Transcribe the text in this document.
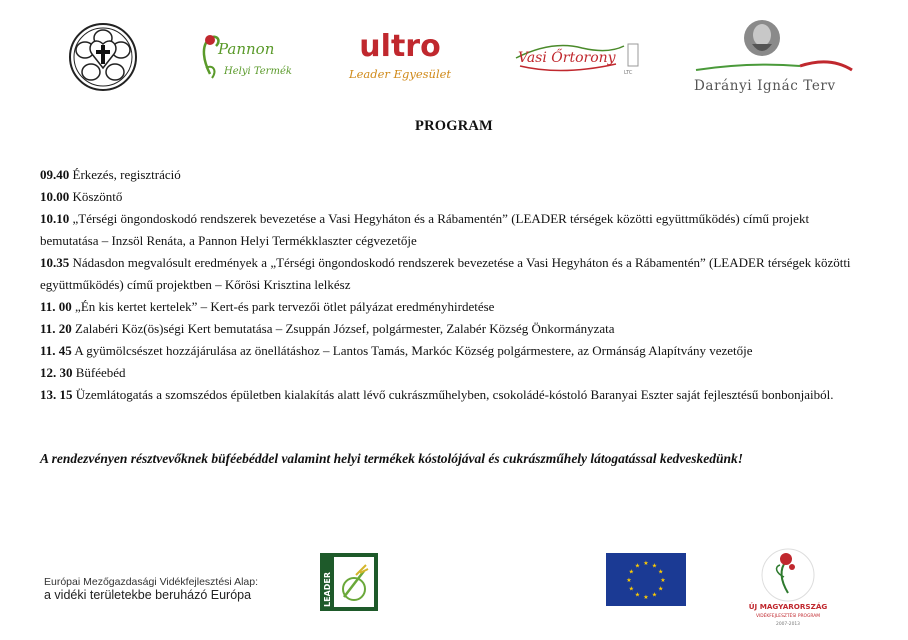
Pannon
Helyi Termék
ultro
Leader Egyesület
Vasi Őrtorony
LTC
Darányi Ignác Terv
PROGRAM

09.40 Érkezés, regisztráció

10.00 Köszöntő

10.10 „Térségi öngondoskodó rendszerek bevezetése a Vasi Hegyháton és a Rábamentén” (LEADER térségek közötti együttműködés) című projekt bemutatása – Inzsöl Renáta, a Pannon Helyi Termékklaszter cégvezetője

10.35 Nádasdon megvalósult eredmények a „Térségi öngondoskodó rendszerek bevezetése a Vasi Hegyháton és a Rábamentén” (LEADER térségek közötti együttműködés) című projektben – Kőrösi Krisztina lelkész

11. 00 „Én kis kertet kertelek” – Kert-és park tervezői ötlet pályázat eredményhirdetése

11. 20 Zalabéri Köz(ös)ségi Kert bemutatása – Zsuppán József, polgármester, Zalabér Község Önkormányzata

11. 45 A gyümölcsészet hozzájárulása az önellátáshoz – Lantos Tamás, Markóc Község polgármestere, az Ormánság Alapítvány vezetője

12. 30 Büféebéd

13. 15 Üzemlátogatás a szomszédos épületben kialakítás alatt lévő cukrászműhelyben, csokoládé-kóstoló Baranyai Eszter saját fejlesztésű bonbonjaiból.

A rendezvényen résztvevőknek büféebéddel valamint helyi termékek kóstolójával és cukrászműhely látogatással kedveskedünk!
Európai Mezőgazdasági Vidékfejlesztési Alap:
a vidéki területekbe beruházó Európa	LEADER
★ ★
★
★
★
★
★
★
★
★
★
★
ÚJ MAGYARORSZÁG
VIDÉKFEJLESZTÉSI PROGRAM
2007-2013
